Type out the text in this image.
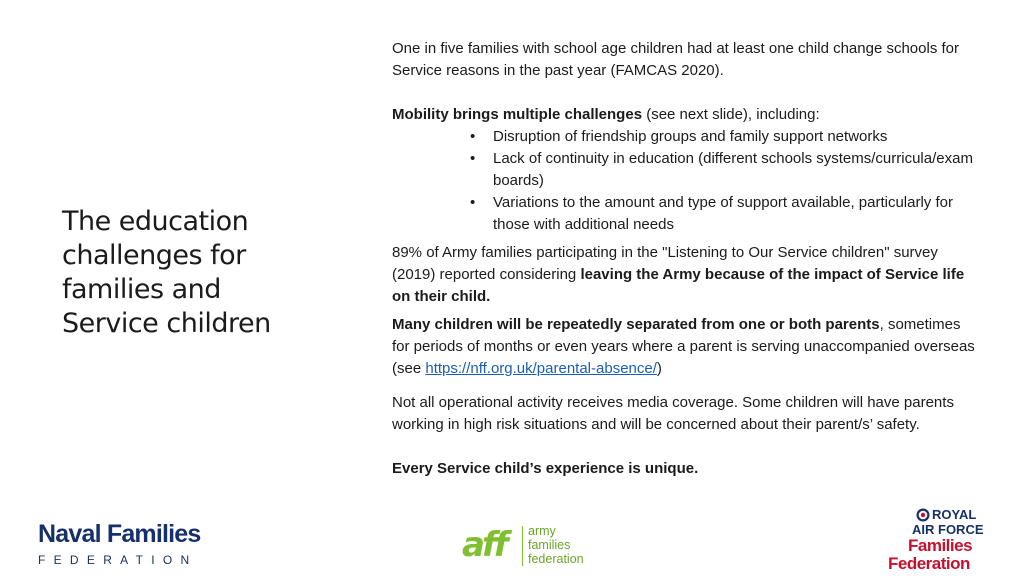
The education
challenges for
families and
Service children

One in five families with school age children had at least one child change schools for Service reasons in the past year (FAMCAS 2020).

Mobility brings multiple challenges (see next slide), including:

• Disruption of friendship groups and family support networks
• Lack of continuity in education (different schools systems/curricula/exam boards)
• Variations to the amount and type of support available, particularly for those with additional needs

89% of Army families participating in the "Listening to Our Service children" survey (2019) reported considering leaving the Army because of the impact of Service life on their child.

Many children will be repeatedly separated from one or both parents, sometimes for periods of months or even years where a parent is serving unaccompanied overseas (see https://nff.org.uk/parental-absence/)

Not all operational activity receives media coverage. Some children will have parents working in high risk situations and will be concerned about their parent/s’ safety.

Every Service child’s experience is unique.

Naval Families
FEDERATION	aff army
families
federation
ROYAL
AIR FORCE
Families
Federation
